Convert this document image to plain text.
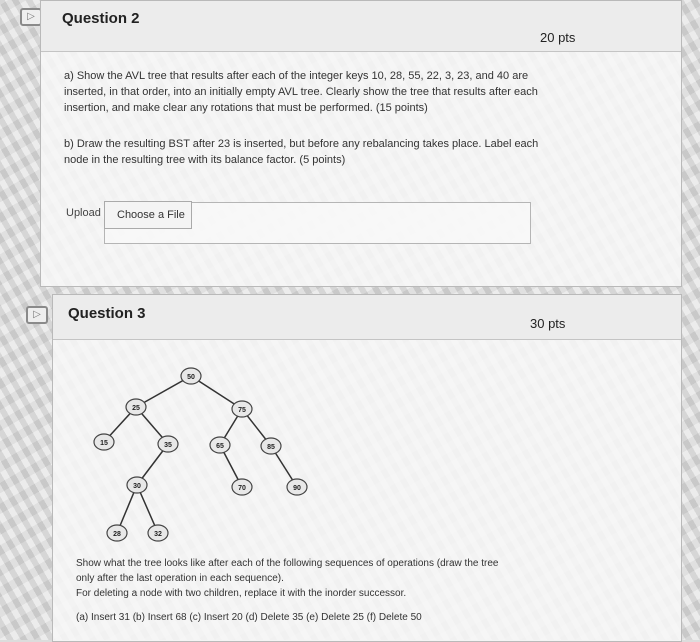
▷	Question 2
20 pts
a) Show the AVL tree that results after each of the integer keys 10, 28, 55, 22, 3, 23, and 40 are
inserted, in that order, into an initially empty AVL tree. Clearly show the tree that results after each
insertion, and make clear any rotations that must be performed. (15 points)
b) Draw the resulting BST after 23 is inserted, but before any rebalancing takes place. Label each
node in the resulting tree with its balance factor. (5 points)
Upload	Choose a File
▷	Question 3
30 pts
50
25	75
15	35	65	85
30	70	90
28	32
Show what the tree looks like after each of the following sequences of operations (draw the tree
only after the last operation in each sequence).
For deleting a node with two children, replace it with the inorder successor.
(a) Insert 31 (b) Insert 68 (c) Insert 20 (d) Delete 35 (e) Delete 25 (f) Delete 50
